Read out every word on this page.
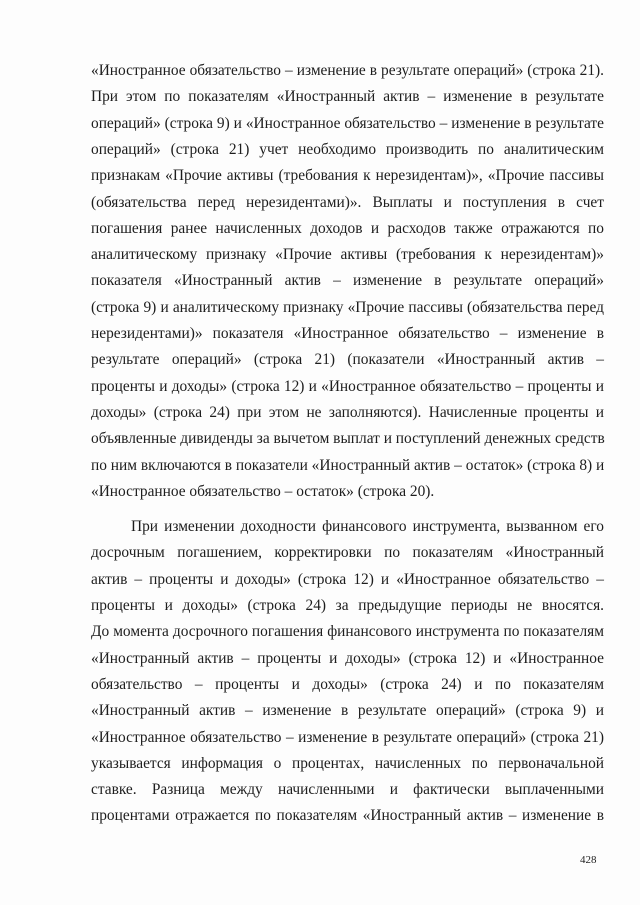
«Иностранное обязательство – изменение в результате операций» (строка 21).
При этом по показателям «Иностранный актив – изменение в результате
операций» (строка 9) и «Иностранное обязательство – изменение в результате
операций» (строка 21) учет необходимо производить по аналитическим
признакам «Прочие активы (требования к нерезидентам)», «Прочие пассивы
(обязательства перед нерезидентами)». Выплаты и поступления в счет
погашения ранее начисленных доходов и расходов также отражаются по
аналитическому признаку «Прочие активы (требования к нерезидентам)»
показателя «Иностранный актив – изменение в результате операций»
(строка 9) и аналитическому признаку «Прочие пассивы (обязательства перед
нерезидентами)» показателя «Иностранное обязательство – изменение в
результате операций» (строка 21) (показатели «Иностранный актив –
проценты и доходы» (строка 12) и «Иностранное обязательство – проценты и
доходы» (строка 24) при этом не заполняются). Начисленные проценты и
объявленные дивиденды за вычетом выплат и поступлений денежных средств
по ним включаются в показатели «Иностранный актив – остаток» (строка 8) и
«Иностранное обязательство – остаток» (строка 20).
При изменении доходности финансового инструмента, вызванном его
досрочным погашением, корректировки по показателям «Иностранный
актив – проценты и доходы» (строка 12) и «Иностранное обязательство –
проценты и доходы» (строка 24) за предыдущие периоды не вносятся.
До момента досрочного погашения финансового инструмента по показателям
«Иностранный актив – проценты и доходы» (строка 12) и «Иностранное
обязательство – проценты и доходы» (строка 24) и по показателям
«Иностранный актив – изменение в результате операций» (строка 9) и
«Иностранное обязательство – изменение в результате операций» (строка 21)
указывается информация о процентах, начисленных по первоначальной
ставке. Разница между начисленными и фактически выплаченными
процентами отражается по показателям «Иностранный актив – изменение в
428
